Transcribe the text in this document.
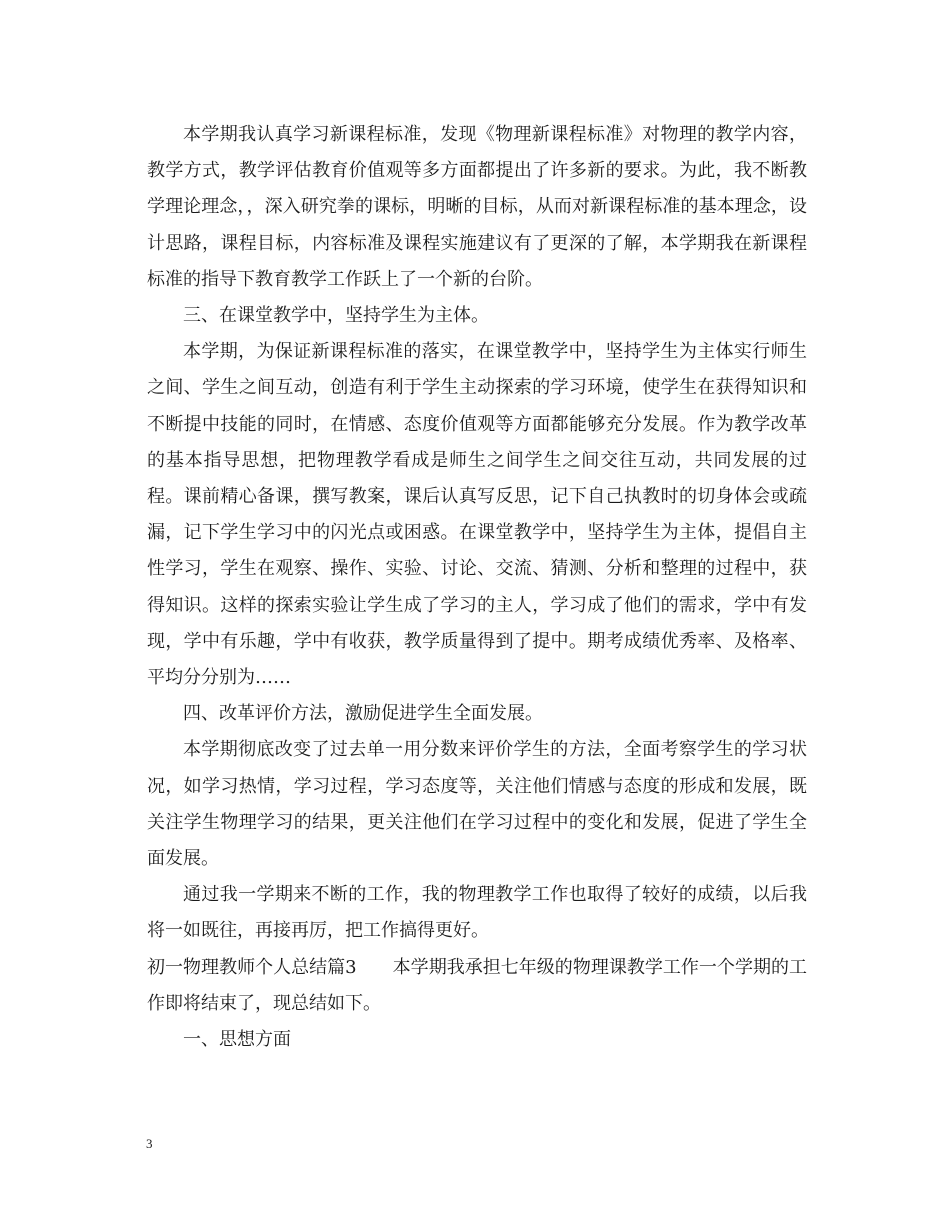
本学期我认真学习新课程标准，发现《物理新课程标准》对物理的教学内容，教学方式，教学评估教育价值观等多方面都提出了许多新的要求。为此，我不断教学理论理念，，深入研究拳的课标，明晰的目标，从而对新课程标准的基本理念，设计思路，课程目标，内容标准及课程实施建议有了更深的了解，本学期我在新课程标准的指导下教育教学工作跃上了一个新的台阶。

三、在课堂教学中，坚持学生为主体。

本学期，为保证新课程标准的落实，在课堂教学中，坚持学生为主体实行师生之间、学生之间互动，创造有利于学生主动探索的学习环境，使学生在获得知识和不断提中技能的同时，在情感、态度价值观等方面都能够充分发展。作为教学改革的基本指导思想，把物理教学看成是师生之间学生之间交往互动，共同发展的过程。课前精心备课，撰写教案，课后认真写反思，记下自己执教时的切身体会或疏漏，记下学生学习中的闪光点或困惑。在课堂教学中，坚持学生为主体，提倡自主性学习，学生在观察、操作、实验、讨论、交流、猜测、分析和整理的过程中，获得知识。这样的探索实验让学生成了学习的主人，学习成了他们的需求，学中有发现，学中有乐趣，学中有收获，教学质量得到了提中。期考成绩优秀率、及格率、平均分分别为……

四、改革评价方法，激励促进学生全面发展。

本学期彻底改变了过去单一用分数来评价学生的方法，全面考察学生的学习状况，如学习热情，学习过程，学习态度等，关注他们情感与态度的形成和发展，既关注学生物理学习的结果，更关注他们在学习过程中的变化和发展，促进了学生全面发展。

通过我一学期来不断的工作，我的物理教学工作也取得了较好的成绩，以后我将一如既往，再接再厉，把工作搞得更好。

初一物理教师个人总结篇3 本学期我承担七年级的物理课教学工作一个学期的工作即将结束了，现总结如下。

一、思想方面

3
